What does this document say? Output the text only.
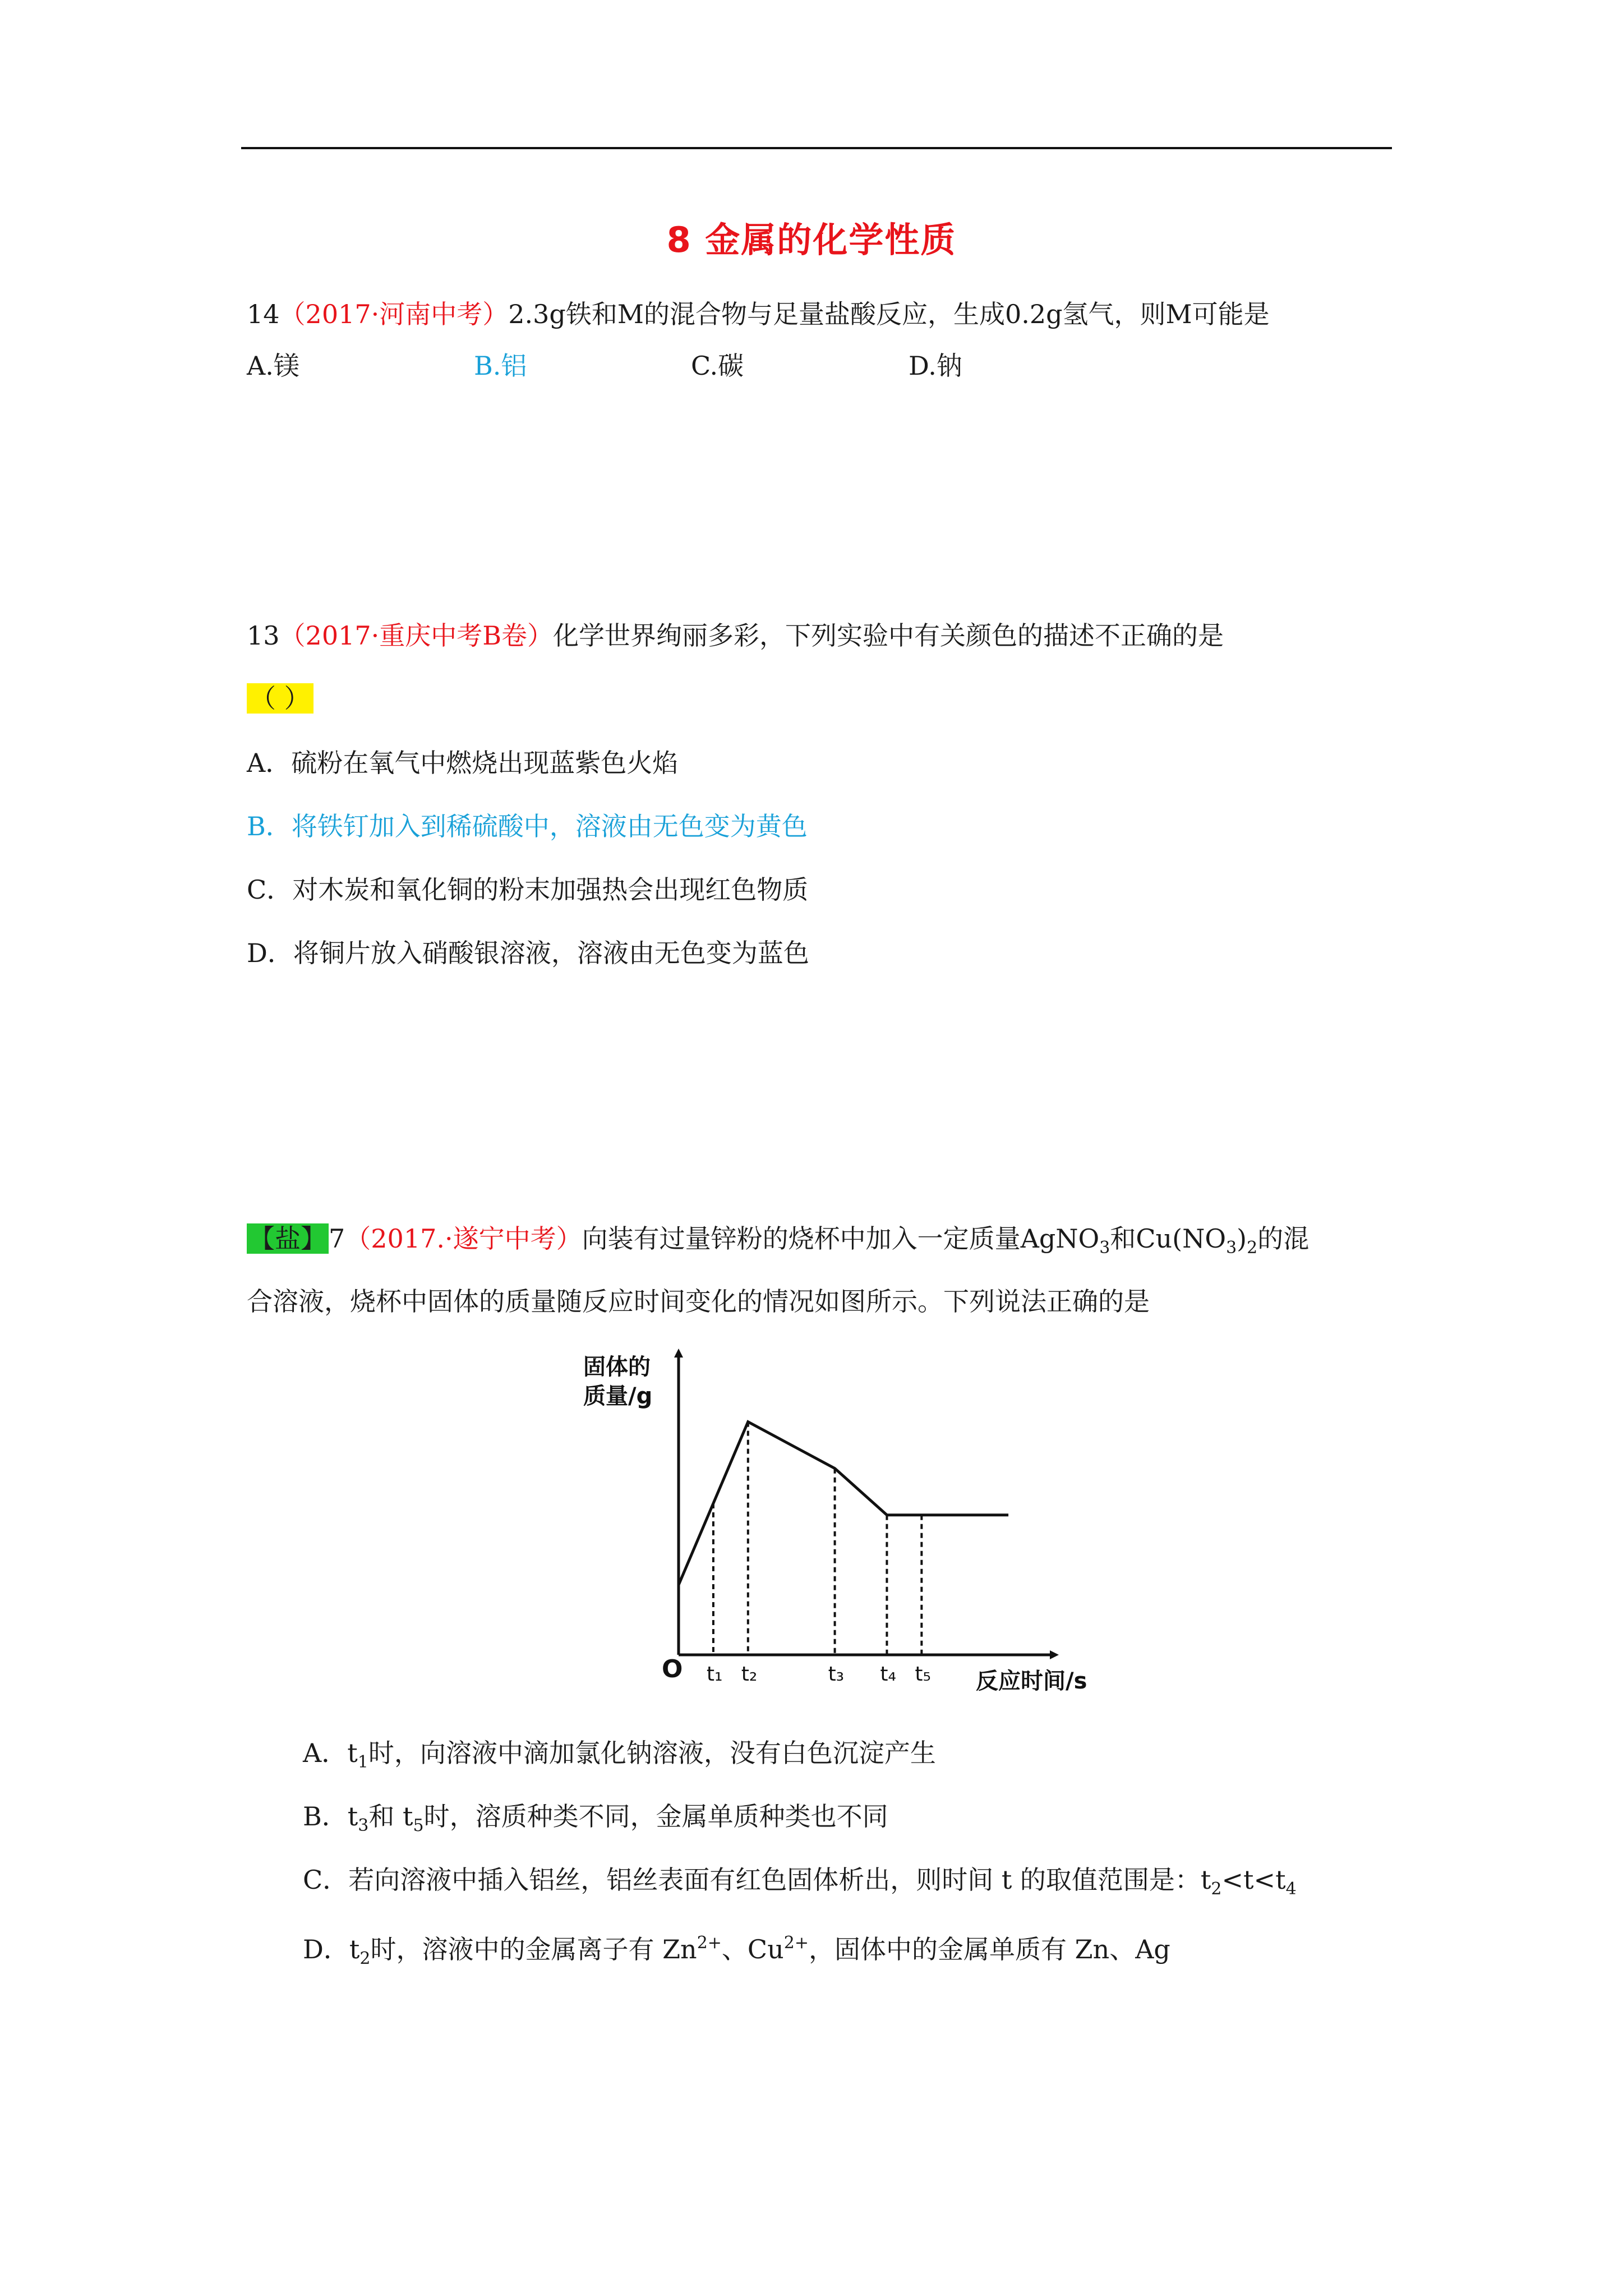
8 金属的化学性质
14（2017·河南中考）2.3g铁和M的混合物与足量盐酸反应，生成0.2g氢气，则M可能是
A.镁	B.铝	C.碳	D.钠
13（2017·重庆中考B卷）化学世界绚丽多彩，下列实验中有关颜色的描述不正确的是
（ ）
A．硫粉在氧气中燃烧出现蓝紫色火焰
B．将铁钉加入到稀硫酸中，溶液由无色变为黄色
C．对木炭和氧化铜的粉末加强热会出现红色物质
D．将铜片放入硝酸银溶液，溶液由无色变为蓝色
【盐】7（2017.·遂宁中考）向装有过量锌粉的烧杯中加入一定质量AgNO$_3$和$Cu(NO_3)_2$的混
合溶液，烧杯中固体的质量随反应时间变化的情况如图所示。下列说法正确的是
固体的
质量/g
O	反应时间/s
t₁ t₂	t₃ t₄ t₅
A．$t_1$时，向溶液中滴加氯化钠溶液，没有白色沉淀产生
B．$t_3$和 $t_5$时，溶质种类不同，金属单质种类也不同
C．若向溶液中插入铝丝，铝丝表面有红色固体析出，则时间 t 的取值范围是：$t_2<t<t_4$
D．$t_2$时，溶液中的金属离子有 $Zn^{2+}$、$Cu^{2+}$，固体中的金属单质有 Zn、Ag
